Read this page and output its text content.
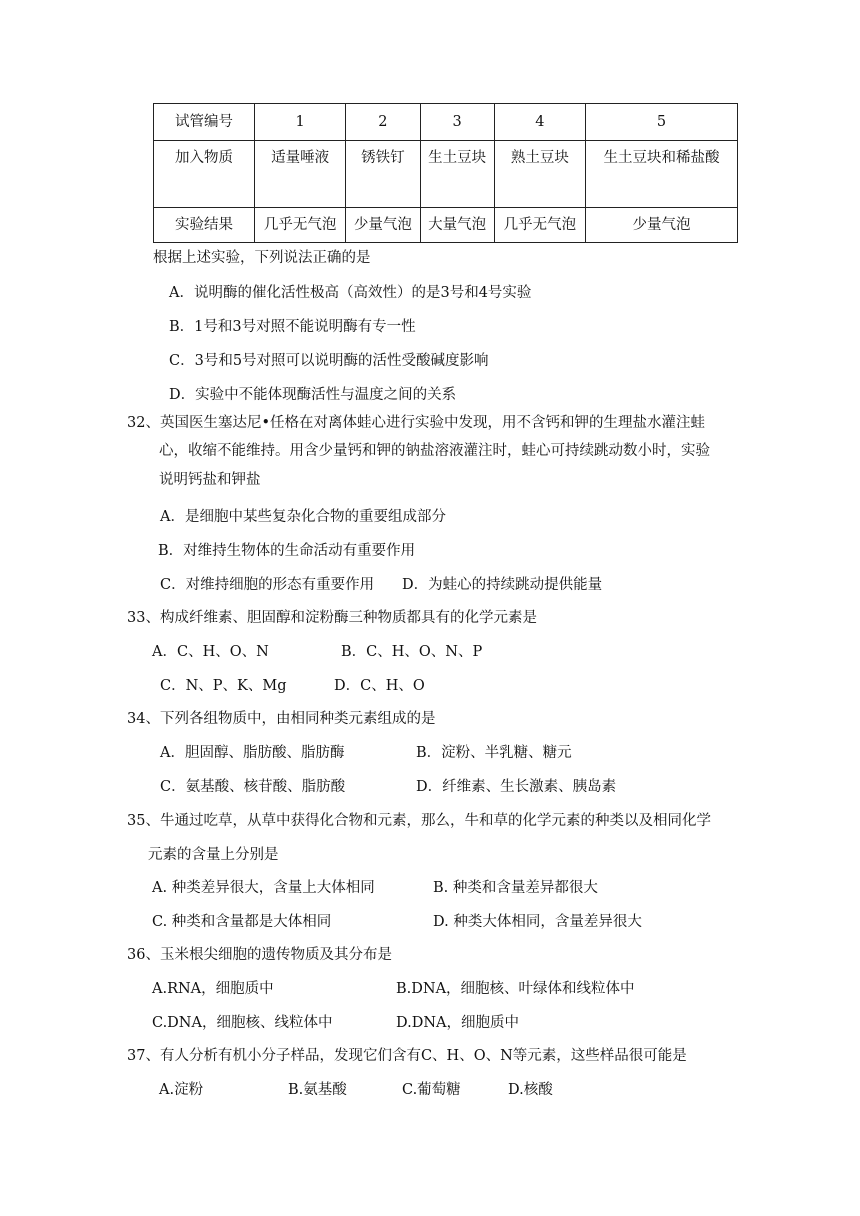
试管编号	1	2	3	4	5
加入物质	适量唾液	锈铁钉	生土豆块	熟土豆块	生土豆块和稀盐酸
实验结果	几乎无气泡	少量气泡	大量气泡	几乎无气泡	少量气泡
根据上述实验，下列说法正确的是
A．说明酶的催化活性极高（高效性）的是3号和4号实验
B．1号和3号对照不能说明酶有专一性
C．3号和5号对照可以说明酶的活性受酸碱度影响
D．实验中不能体现酶活性与温度之间的关系
32、英国医生塞达尼•任格在对离体蛙心进行实验中发现，用不含钙和钾的生理盐水灌注蛙
心，收缩不能维持。用含少量钙和钾的钠盐溶液灌注时，蛙心可持续跳动数小时，实验
说明钙盐和钾盐
A．是细胞中某些复杂化合物的重要组成部分
B．对维持生物体的生命活动有重要作用
C．对维持细胞的形态有重要作用 D．为蛙心的持续跳动提供能量
33、构成纤维素、胆固醇和淀粉酶三种物质都具有的化学元素是
A．C、H、O、N	B．C、H、O、N、P
C．N、P、K、Mg	D．C、H、O
34、下列各组物质中，由相同种类元素组成的是
A．胆固醇、脂肪酸、脂肪酶	B．淀粉、半乳糖、糖元
C．氨基酸、核苷酸、脂肪酸	D．纤维素、生长激素、胰岛素
35、牛通过吃草，从草中获得化合物和元素，那么，牛和草的化学元素的种类以及相同化学
元素的含量上分别是
A. 种类差异很大，含量上大体相同	B. 种类和含量差异都很大
C. 种类和含量都是大体相同	D. 种类大体相同，含量差异很大
36、玉米根尖细胞的遗传物质及其分布是
A.RNA，细胞质中	B.DNA，细胞核、叶绿体和线粒体中
C.DNA，细胞核、线粒体中	D.DNA，细胞质中
37、有人分析有机小分子样品，发现它们含有C、H、O、N等元素，这些样品很可能是
A.淀粉	B.氨基酸	C.葡萄糖	D.核酸
